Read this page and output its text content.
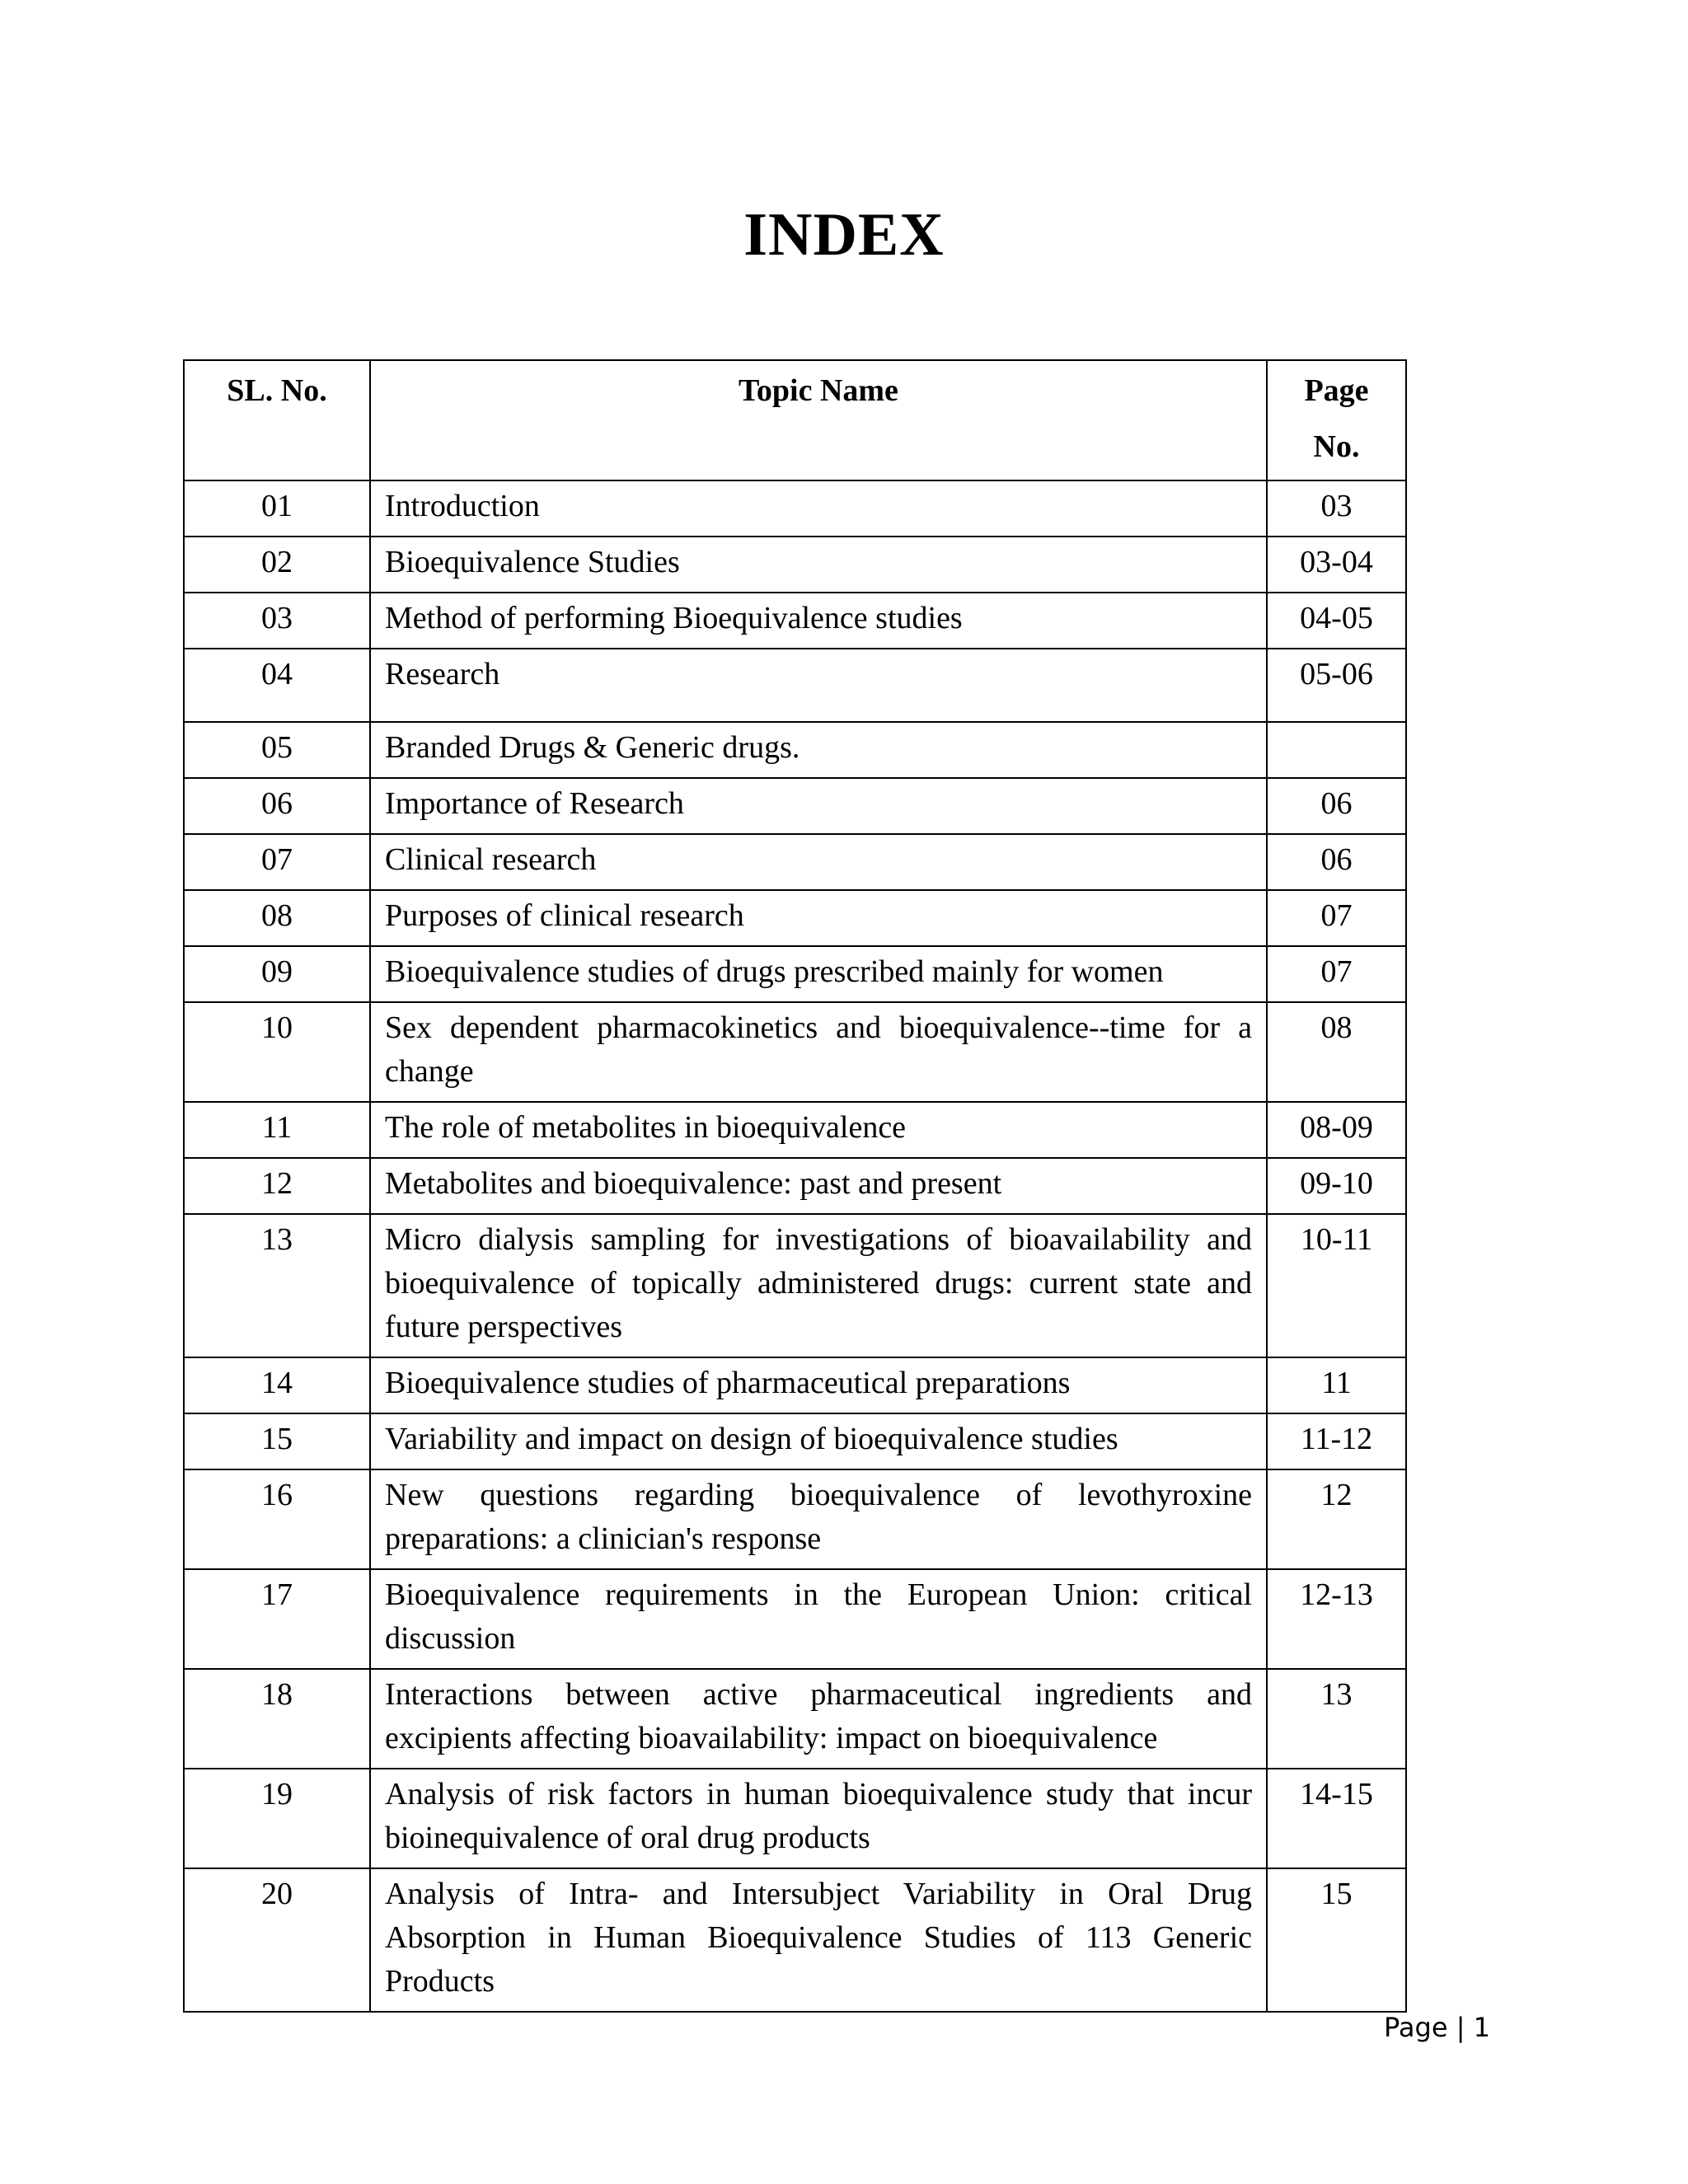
INDEX
SL. No.	Topic Name	Page No.

01	Introduction	03
02	Bioequivalence Studies	03-04
03	Method of performing Bioequivalence studies	04-05
04	Research	05-06
05	Branded Drugs & Generic drugs.	
06	Importance of Research	06
07	Clinical research	06
08	Purposes of clinical research	07
09	Bioequivalence studies of drugs prescribed mainly for women	07
10	Sex dependent pharmacokinetics and bioequivalence--time for a change	08
11	The role of metabolites in bioequivalence	08-09
12	Metabolites and bioequivalence: past and present	09-10
13	Micro dialysis sampling for investigations of bioavailability and bioequivalence of topically administered drugs: current state and future perspectives	10-11
14	Bioequivalence studies of pharmaceutical preparations	11
15	Variability and impact on design of bioequivalence studies	11-12
16	New questions regarding bioequivalence of levothyroxine preparations: a clinician's response	12
17	Bioequivalence requirements in the European Union: critical discussion	12-13
18	Interactions between active pharmaceutical ingredients and excipients affecting bioavailability: impact on bioequivalence	13
19	Analysis of risk factors in human bioequivalence study that incur bioinequivalence of oral drug products	14-15
20	Analysis of Intra- and Intersubject Variability in Oral Drug Absorption in Human Bioequivalence Studies of 113 Generic Products	15
Page | 1
